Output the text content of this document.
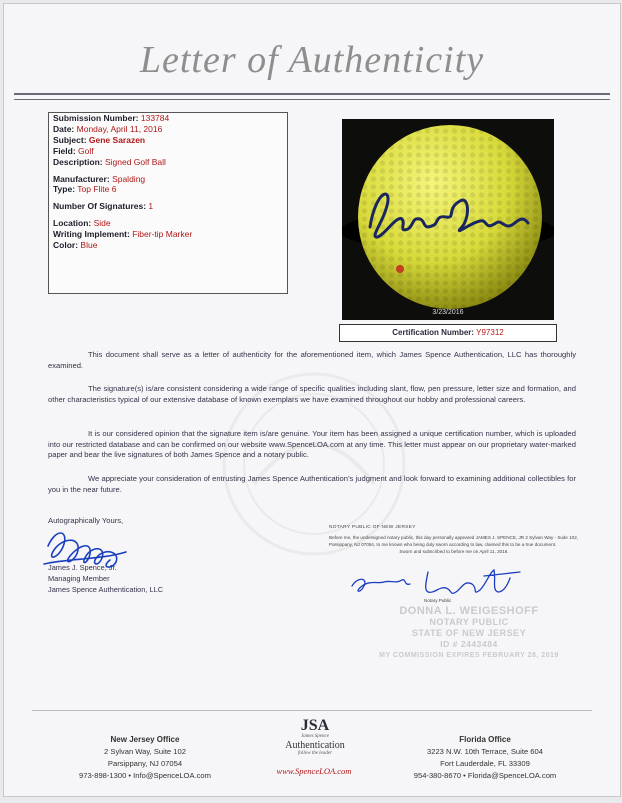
Letter of Authenticity
Submission Number: 133784
Date: Monday, April 11, 2016
Subject: Gene Sarazen
Field: Golf
Description: Signed Golf Ball
Manufacturer: Spalding
Type: Top Flite 6
Number Of Signatures: 1
Location: Side
Writing Implement: Fiber-tip Marker
Color: Blue
3/23/2016
Certification Number: Y97312
This document shall serve as a letter of authenticity for the aforementioned item, which James Spence Authentication, LLC has thoroughly examined.
The signature(s) is/are consistent considering a wide range of specific qualities including slant, flow, pen pressure, letter size and formation, and other characteristics typical of our extensive database of known exemplars we have examined throughout our hobby and professional careers.
It is our considered opinion that the signature item is/are genuine. Your item has been assigned a unique certification number, which is uploaded into our restricted database and can be confirmed on our website www.SpenceLOA.com at any time. This letter must appear on our proprietary water-marked paper and bear the live signatures of both James Spence and a notary public.
We appreciate your consideration of entrusting James Spence Authentication’s judgment and look forward to examining additional collectibles for you in the near future.
Autographically Yours,
James J. Spence, Jr.
Managing Member
James Spence Authentication, LLC
NOTARY PUBLIC OF NEW JERSEY
Before me, the undersigned notary public, this day personally appeared JAMES J. SPENCE, JR 2 Sylvan Way - Suite 102, Parsippany, NJ 07054, to me known who being duly sworn according to law, claimed this to be a true document.
Sworn and subscribed to before me on April 11, 2016.
Notary Public
DONNA L. WEIGESHOFF
NOTARY PUBLIC
STATE OF NEW JERSEY
ID # 2443484
MY COMMISSION EXPIRES FEBRUARY 28, 2019
New Jersey Office
2 Sylvan Way, Suite 102
Parsippany, NJ 07054
973-898-1300 • Info@SpenceLOA.com
JSA
James Spence
Authentication
follow the leader
www.SpenceLOA.com
Florida Office
3223 N.W. 10th Terrace, Suite 604
Fort Lauderdale, FL 33309
954-380-8670 • Florida@SpenceLOA.com
